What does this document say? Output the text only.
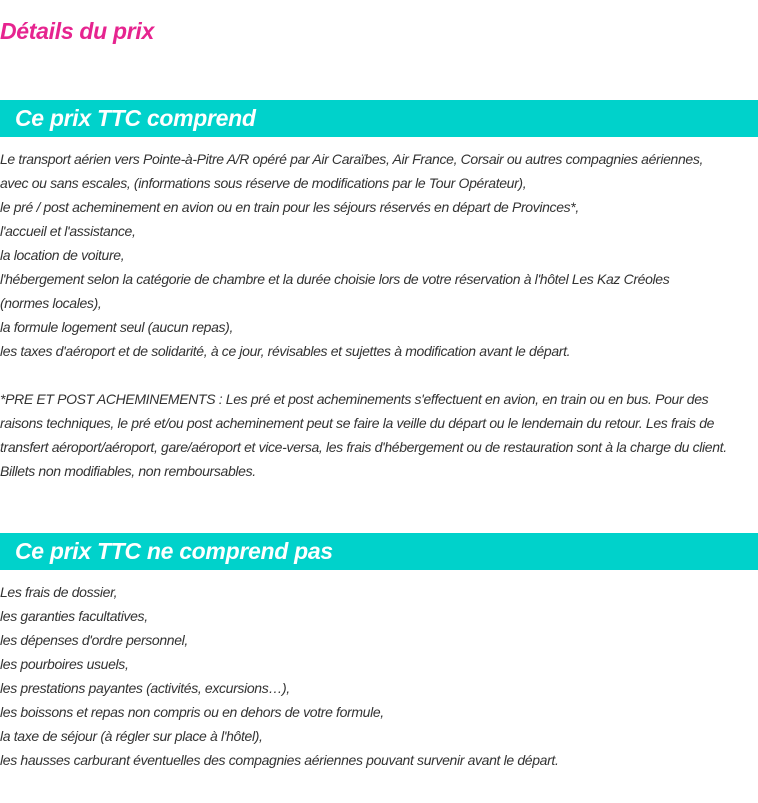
Détails du prix
Ce prix TTC comprend
Le transport aérien vers Pointe-à-Pitre A/R opéré par Air Caraïbes, Air France, Corsair ou autres compagnies aériennes,
avec ou sans escales, (informations sous réserve de modifications par le Tour Opérateur),
le pré / post acheminement en avion ou en train pour les séjours réservés en départ de Provinces*,
l'accueil et l'assistance,
la location de voiture,
l'hébergement selon la catégorie de chambre et la durée choisie lors de votre réservation à l'hôtel Les Kaz Créoles
(normes locales),
la formule logement seul (aucun repas),
les taxes d'aéroport et de solidarité, à ce jour, révisables et sujettes à modification avant le départ.
*PRE ET POST ACHEMINEMENTS : Les pré et post acheminements s'effectuent en avion, en train ou en bus. Pour des raisons techniques, le pré et/ou post acheminement peut se faire la veille du départ ou le lendemain du retour. Les frais de transfert aéroport/aéroport, gare/aéroport et vice-versa, les frais d'hébergement ou de restauration sont à la charge du client. Billets non modifiables, non remboursables.
Ce prix TTC ne comprend pas
Les frais de dossier,
les garanties facultatives,
les dépenses d'ordre personnel,
les pourboires usuels,
les prestations payantes (activités, excursions…),
les boissons et repas non compris ou en dehors de votre formule,
la taxe de séjour (à régler sur place à l'hôtel),
les hausses carburant éventuelles des compagnies aériennes pouvant survenir avant le départ.
